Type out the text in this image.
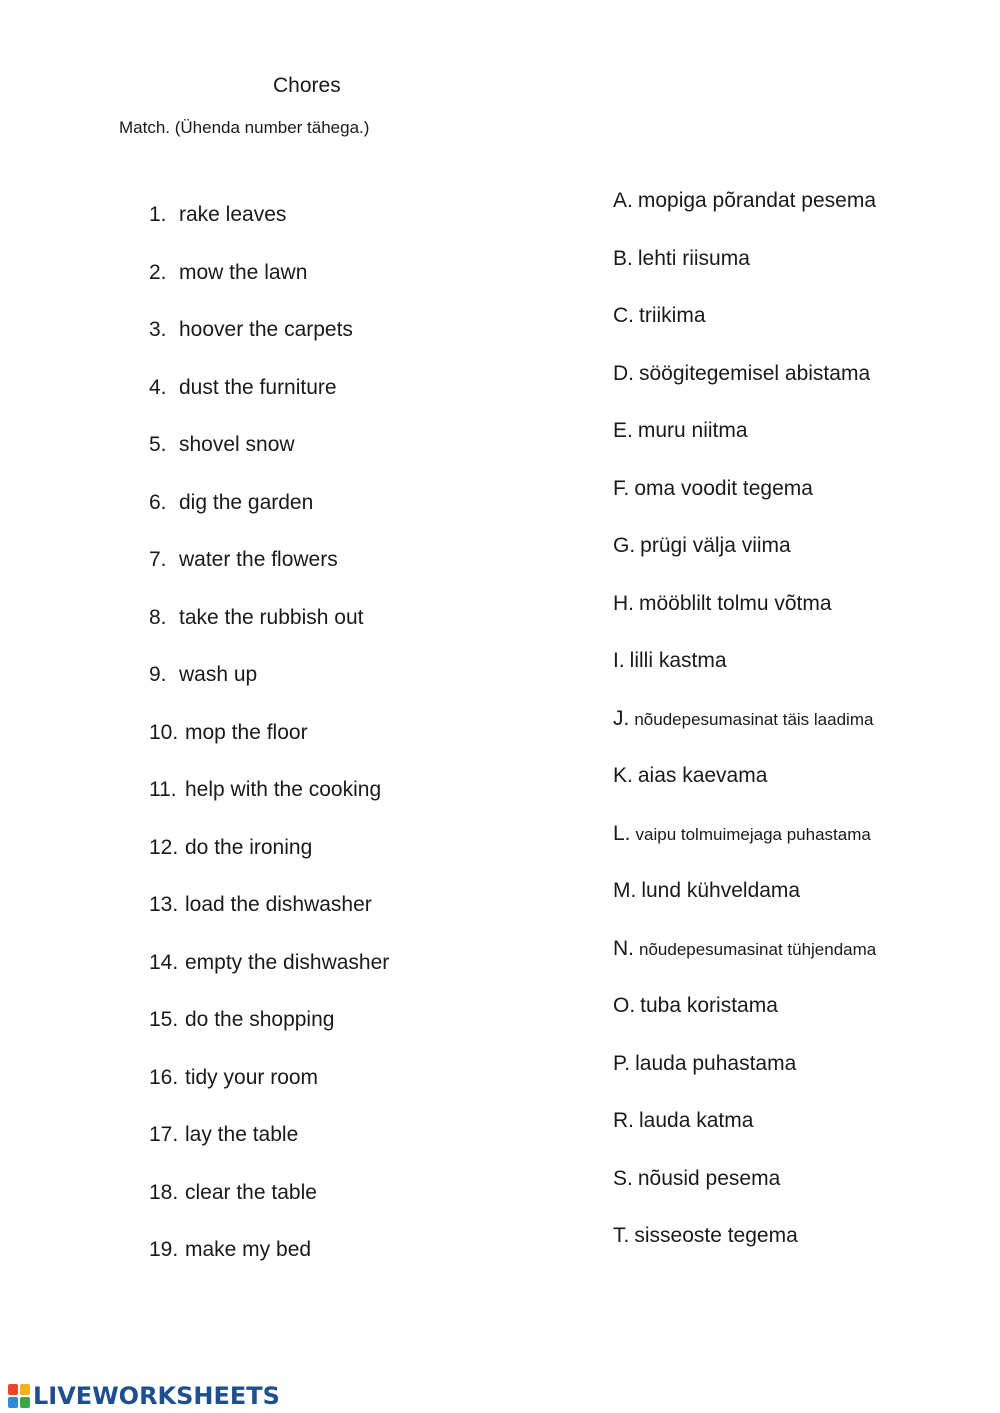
Chores
Match. (Ühenda number tähega.)
1. rake leaves
2. mow the lawn
3. hoover the carpets
4. dust the furniture
5. shovel snow
6. dig the garden
7. water the flowers
8. take the rubbish out
9. wash up
10. mop the floor
11. help with the cooking
12. do the ironing
13. load the dishwasher
14. empty the dishwasher
15. do the shopping
16. tidy your room
17. lay the table
18. clear the table
19. make my bed
A. mopiga põrandat pesema
B. lehti riisuma
C. triikima
D. söögitegemisel abistama
E. muru niitma
F. oma voodit tegema
G. prügi välja viima
H. mööblilt tolmu võtma
I. lilli kastma
J. nõudepesumasinat täis laadima
K. aias kaevama
L. vaipu tolmuimejaga puhastama
M. lund kühveldama
N. nõudepesumasinat tühjendama
O. tuba koristama
P. lauda puhastama
R. lauda katma
S. nõusid pesema
T. sisseoste tegema
LIVEWORKSHEETS
